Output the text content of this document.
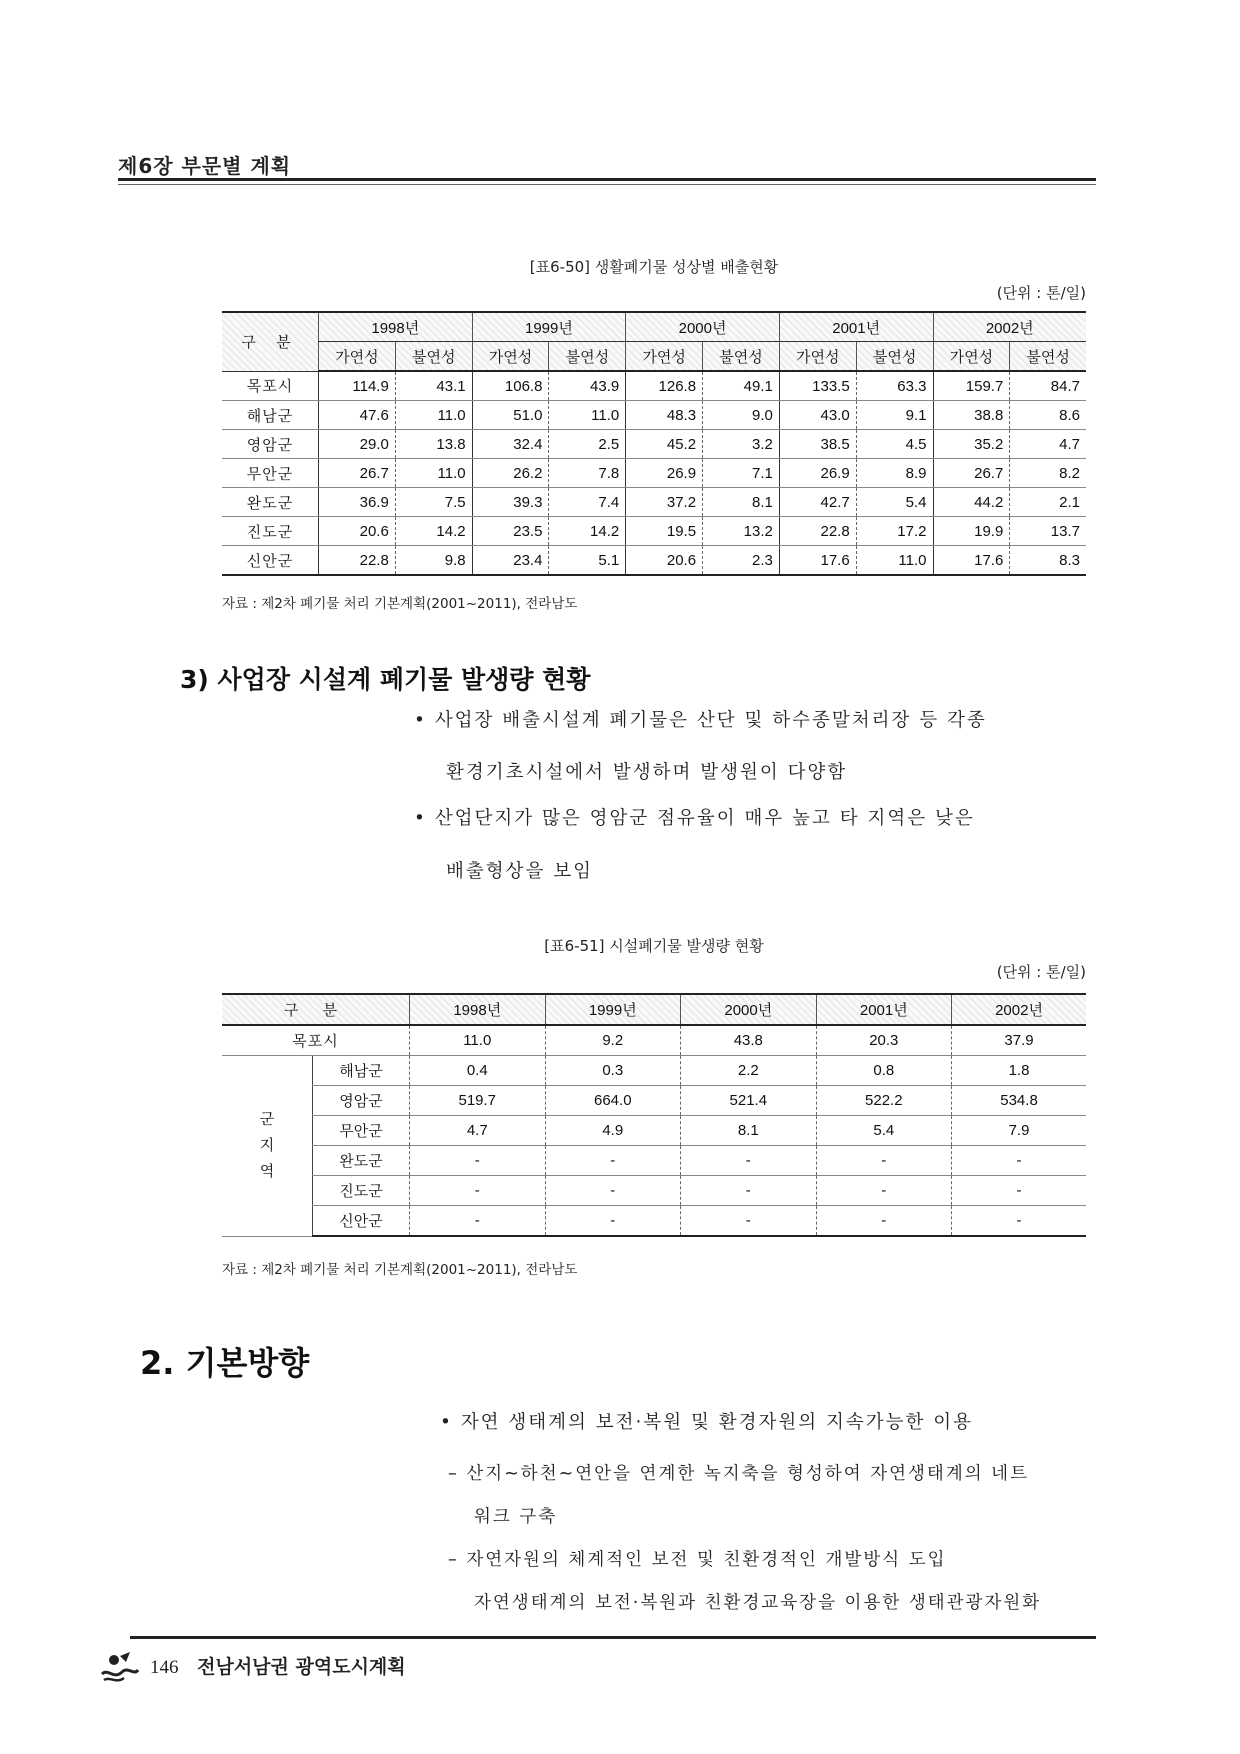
제6장 부문별 계획
[표6-50] 생활폐기물 성상별 배출현황
(단위 : 톤/일)
구 분	1998년		1999년		2000년		2001년		2002년	
	가연성	불연성	가연성	불연성	가연성	불연성	가연성	불연성	가연성	불연성
목포시	114.9	43.1	106.8	43.9	126.8	49.1	133.5	63.3	159.7	84.7
해남군	47.6	11.0	51.0	11.0	48.3	9.0	43.0	9.1	38.8	8.6
영암군	29.0	13.8	32.4	2.5	45.2	3.2	38.5	4.5	35.2	4.7
무안군	26.7	11.0	26.2	7.8	26.9	7.1	26.9	8.9	26.7	8.2
완도군	36.9	7.5	39.3	7.4	37.2	8.1	42.7	5.4	44.2	2.1
진도군	20.6	14.2	23.5	14.2	19.5	13.2	22.8	17.2	19.9	13.7
신안군	22.8	9.8	23.4	5.1	20.6	2.3	17.6	11.0	17.6	8.3
자료 : 제2차 폐기물 처리 기본계획(2001~2011), 전라남도
3) 사업장 시설계 폐기물 발생량 현황
• 사업장 배출시설계 폐기물은 산단 및 하수종말처리장 등 각종
환경기초시설에서 발생하며 발생원이 다양함
• 산업단지가 많은 영암군 점유율이 매우 높고 타 지역은 낮은
배출형상을 보임
[표6-51] 시설폐기물 발생량 현황
(단위 : 톤/일)
구 분		1998년	1999년	2000년	2001년	2002년
목포시		11.0	9.2	43.8	20.3	37.9
군
지
역	해남군	0.4	0.3	2.2	0.8	1.8
	영암군	519.7	664.0	521.4	522.2	534.8
	무안군	4.7	4.9	8.1	5.4	7.9
	완도군	-	-	-	-	-
	진도군	-	-	-	-	-
	신안군	-	-	-	-	-
자료 : 제2차 폐기물 처리 기본계획(2001~2011), 전라남도
2. 기본방향
• 자연 생태계의 보전·복원 및 환경자원의 지속가능한 이용
– 산지~하천~연안을 연계한 녹지축을 형성하여 자연생태계의 네트
워크 구축
– 자연자원의 체계적인 보전 및 친환경적인 개발방식 도입
자연생태계의 보전·복원과 친환경교육장을 이용한 생태관광자원화
146 전남서남권 광역도시계획
